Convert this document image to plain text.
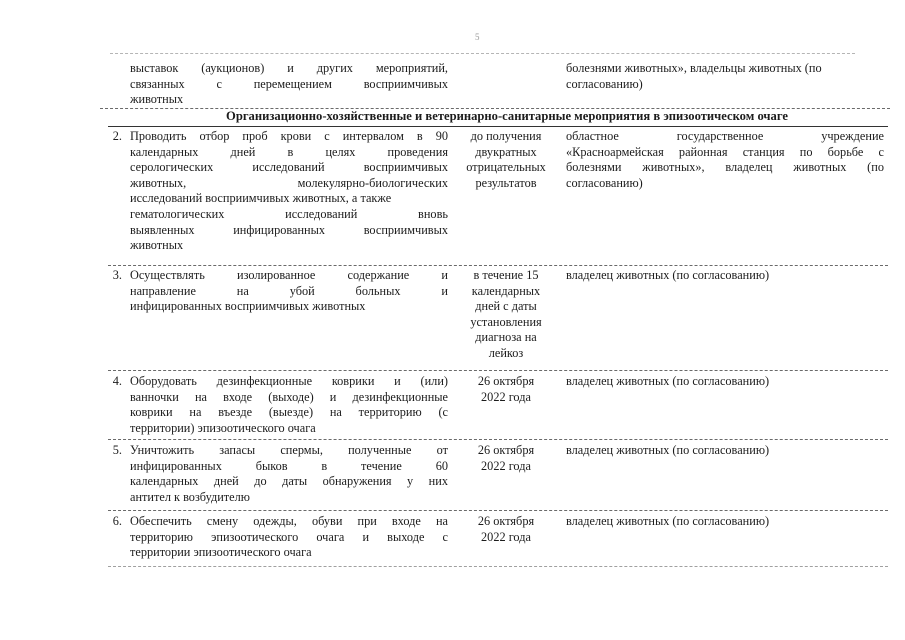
5
выставок (аукционов) и других мероприятий,
связанных с перемещением восприимчивых
животных
болезнями животных», владельцы животных (по
согласованию)
Организационно-хозяйственные и ветеринарно-санитарные мероприятия в эпизоотическом очаге
2. Проводить отбор проб крови с интервалом в 90
календарных дней в целях проведения
серологических исследований восприимчивых
животных, молекулярно-биологических
исследований восприимчивых животных, а также
гематологических исследований вновь
выявленных инфицированных восприимчивых
животных
до получения
двукратных
отрицательных
результатов
областное государственное учреждение
«Красноармейская районная станция по борьбе с
болезнями животных», владелец животных (по
согласованию)
3. Осуществлять изолированное содержание и
направление на убой больных и
инфицированных восприимчивых животных
в течение 15
календарных
дней с даты
установления
диагноза на
лейкоз
владелец животных (по согласованию)
4. Оборудовать дезинфекционные коврики и (или)
ванночки на входе (выходе) и дезинфекционные
коврики на въезде (выезде) на территорию (с
территории) эпизоотического очага
26 октября
2022 года
владелец животных (по согласованию)
5. Уничтожить запасы спермы, полученные от
инфицированных быков в течение 60
календарных дней до даты обнаружения у них
антител к возбудителю
26 октября
2022 года
владелец животных (по согласованию)
6. Обеспечить смену одежды, обуви при входе на
территорию эпизоотического очага и выходе с
территории эпизоотического очага
26 октября
2022 года
владелец животных (по согласованию)
